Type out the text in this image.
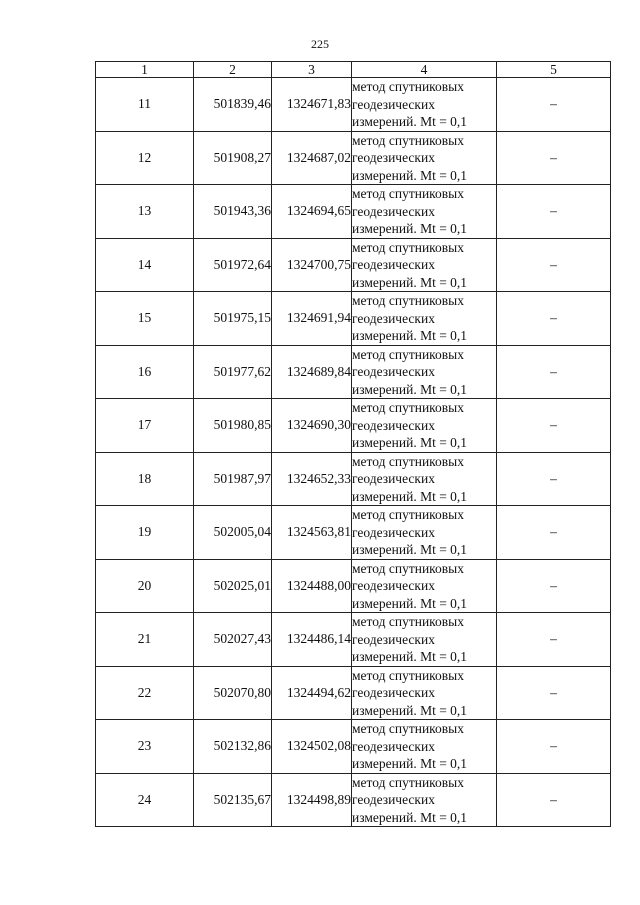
225
1	2	3	4	5
11	501839,46	1324671,83	метод спутниковых
геодезических
измерений. Mt = 0,1	–
12	501908,27	1324687,02	метод спутниковых
геодезических
измерений. Mt = 0,1	–
13	501943,36	1324694,65	метод спутниковых
геодезических
измерений. Mt = 0,1	–
14	501972,64	1324700,75	метод спутниковых
геодезических
измерений. Mt = 0,1	–
15	501975,15	1324691,94	метод спутниковых
геодезических
измерений. Mt = 0,1	–
16	501977,62	1324689,84	метод спутниковых
геодезических
измерений. Mt = 0,1	–
17	501980,85	1324690,30	метод спутниковых
геодезических
измерений. Mt = 0,1	–
18	501987,97	1324652,33	метод спутниковых
геодезических
измерений. Mt = 0,1	–
19	502005,04	1324563,81	метод спутниковых
геодезических
измерений. Mt = 0,1	–
20	502025,01	1324488,00	метод спутниковых
геодезических
измерений. Mt = 0,1	–
21	502027,43	1324486,14	метод спутниковых
геодезических
измерений. Mt = 0,1	–
22	502070,80	1324494,62	метод спутниковых
геодезических
измерений. Mt = 0,1	–
23	502132,86	1324502,08	метод спутниковых
геодезических
измерений. Mt = 0,1	–
24	502135,67	1324498,89	метод спутниковых
геодезических
измерений. Mt = 0,1	–
